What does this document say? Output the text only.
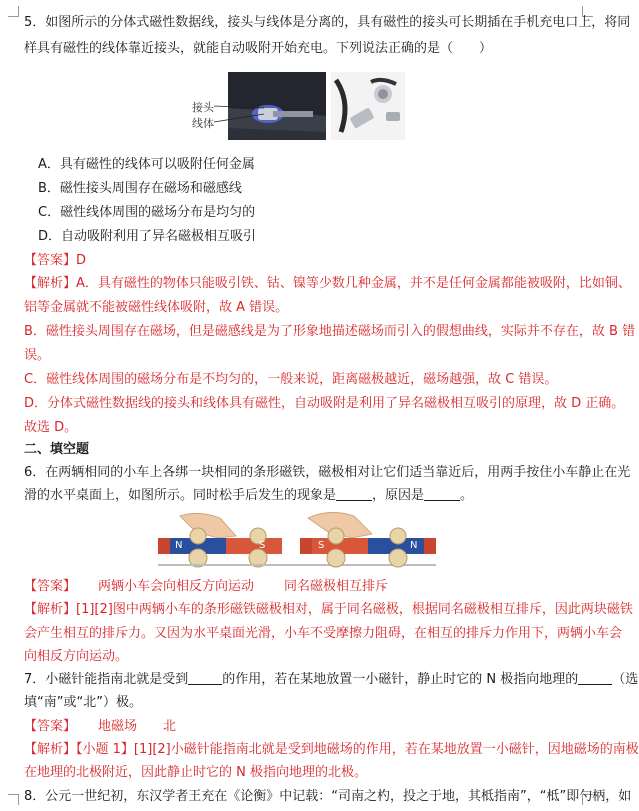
5．如图所示的分体式磁性数据线，接头与线体是分离的，具有磁性的接头可长期插在手机充电口上，将同
样具有磁性的线体靠近接头，就能自动吸附开始充电。下列说法正确的是（　　）
接头
线体
A．具有磁性的线体可以吸附任何金属
B．磁性接头周围存在磁场和磁感线
C．磁性线体周围的磁场分布是均匀的
D．自动吸附利用了异名磁极相互吸引
【答案】D
【解析】A．具有磁性的物体只能吸引铁、钴、镍等少数几种金属，并不是任何金属都能被吸附，比如铜、
铝等金属就不能被磁性线体吸附，故 A 错误。
B．磁性接头周围存在磁场，但是磁感线是为了形象地描述磁场而引入的假想曲线，实际并不存在，故 B 错
误。
C．磁性线体周围的磁场分布是不均匀的，一般来说，距离磁极越近，磁场越强，故 C 错误。
D．分体式磁性数据线的接头和线体具有磁性，自动吸附是利用了异名磁极相互吸引的原理，故 D 正确。
故选 D。
二、填空题
6．在两辆相同的小车上各绑一块相同的条形磁铁，磁极相对让它们适当靠近后，用两手按住小车静止在光
滑的水平桌面上，如图所示。同时松手后发生的现象是	，原因是	。
N	S	S	N
【答案】 两辆小车会向相反方向运动 同名磁极相互排斥
【解析】[1][2]图中两辆小车的条形磁铁磁极相对，属于同名磁极，根据同名磁极相互排斥，因此两块磁铁
会产生相互的排斥力。又因为水平桌面光滑，小车不受摩擦力阻碍，在相互的排斥力作用下，两辆小车会
向相反方向运动。
7．小磁针能指南北就是受到	的作用，若在某地放置一小磁针，静止时它的 N 极指向地理的	（选
填“南”或“北”）极。
【答案】 地磁场 北
【解析】【小题 1】[1][2]小磁针能指南北就是受到地磁场的作用，若在某地放置一小磁针，因地磁场的南极
在地理的北极附近，因此静止时它的 N 极指向地理的北极。
8．公元一世纪初，东汉学者王充在《论衡》中记载：“司南之杓，投之于地，其柢指南”，“柢”即勺柄，如
